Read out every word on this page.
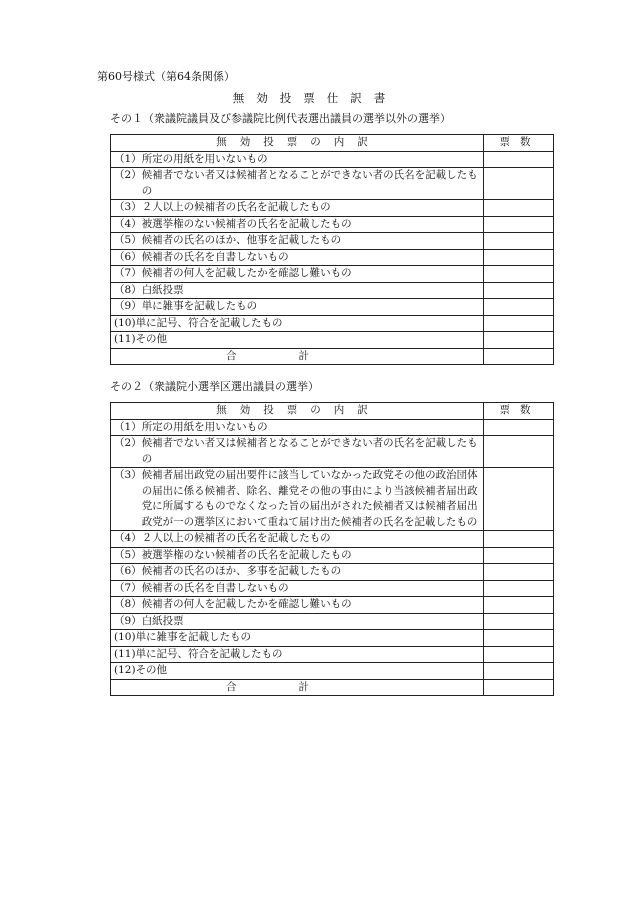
第60号様式（第64条関係）
無効投票仕訳書
その１（衆議院議員及び参議院比例代表選出議員の選挙以外の選挙）
無効投票の内訳	票数

（1） 所定の用紙を用いないもの	

（2） 候補者でない者又は候補者となることができない者の氏名を記載したもの	

（3） ２人以上の候補者の氏名を記載したもの	

（4） 被選挙権のない候補者の氏名を記載したもの	

（5） 候補者の氏名のほか、他事を記載したもの	

（6） 候補者の氏名を自書しないもの	

（7） 候補者の何人を記載したかを確認し難いもの	

（8） 白紙投票	

（9） 単に雑事を記載したもの	

(10) 単に記号、符合を記載したもの	

(11) その他	

合計	
その２（衆議院小選挙区選出議員の選挙）
無効投票の内訳	票数

（1） 所定の用紙を用いないもの	

（2） 候補者でない者又は候補者となることができない者の氏名を記載したもの	

（3） 候補者届出政党の届出要件に該当していなかった政党その他の政治団体の届出に係る候補者、除名、離党その他の事由により当該候補者届出政党に所属するものでなくなった旨の届出がされた候補者又は候補者届出政党が一の選挙区において重ねて届け出た候補者の氏名を記載したもの	

（4） ２人以上の候補者の氏名を記載したもの	

（5） 被選挙権のない候補者の氏名を記載したもの	

（6） 候補者の氏名のほか、多事を記載したもの	

（7） 候補者の氏名を自書しないもの	

（8） 候補者の何人を記載したかを確認し難いもの	

（9） 白紙投票	

(10) 単に雑事を記載したもの	

(11) 単に記号、符合を記載したもの	

(12) その他	

合計	
